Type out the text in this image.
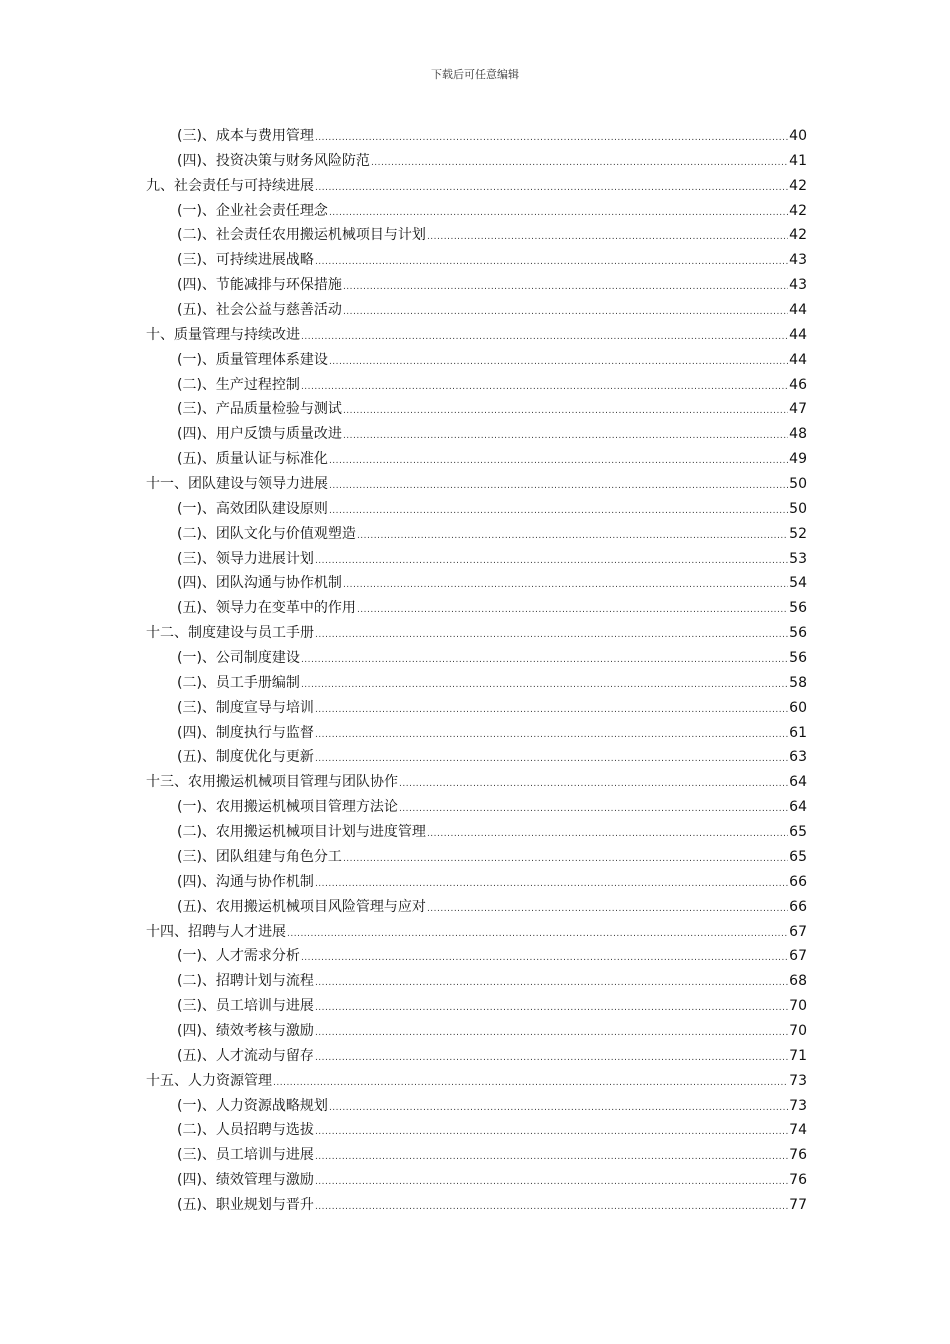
下载后可任意编辑
(三)、成本与费用管理 .....	40
(四)、投资决策与财务风险防范 .....	41
九、社会责任与可持续进展 .....	42
(一)、企业社会责任理念 .....	42
(二)、社会责任农用搬运机械项目与计划 .....	42
(三)、可持续进展战略 .....	43
(四)、节能减排与环保措施 .....	43
(五)、社会公益与慈善活动 .....	44
十、质量管理与持续改进 .....	44
(一)、质量管理体系建设 .....	44
(二)、生产过程控制 .....	46
(三)、产品质量检验与测试 .....	47
(四)、用户反馈与质量改进 .....	48
(五)、质量认证与标准化 .....	49
十一、团队建设与领导力进展 .....	50
(一)、高效团队建设原则 .....	50
(二)、团队文化与价值观塑造 .....	52
(三)、领导力进展计划 .....	53
(四)、团队沟通与协作机制 .....	54
(五)、领导力在变革中的作用 .....	56
十二、制度建设与员工手册 .....	56
(一)、公司制度建设 .....	56
(二)、员工手册编制 .....	58
(三)、制度宣导与培训 .....	60
(四)、制度执行与监督 .....	61
(五)、制度优化与更新 .....	63
十三、农用搬运机械项目管理与团队协作 .....	64
(一)、农用搬运机械项目管理方法论 .....	64
(二)、农用搬运机械项目计划与进度管理 .....	65
(三)、团队组建与角色分工 .....	65
(四)、沟通与协作机制 .....	66
(五)、农用搬运机械项目风险管理与应对 .....	66
十四、招聘与人才进展 .....	67
(一)、人才需求分析 .....	67
(二)、招聘计划与流程 .....	68
(三)、员工培训与进展 .....	70
(四)、绩效考核与激励 .....	70
(五)、人才流动与留存 .....	71
十五、人力资源管理 .....	73
(一)、人力资源战略规划 .....	73
(二)、人员招聘与选拔 .....	74
(三)、员工培训与进展 .....	76
(四)、绩效管理与激励 .....	76
(五)、职业规划与晋升 .....	77
